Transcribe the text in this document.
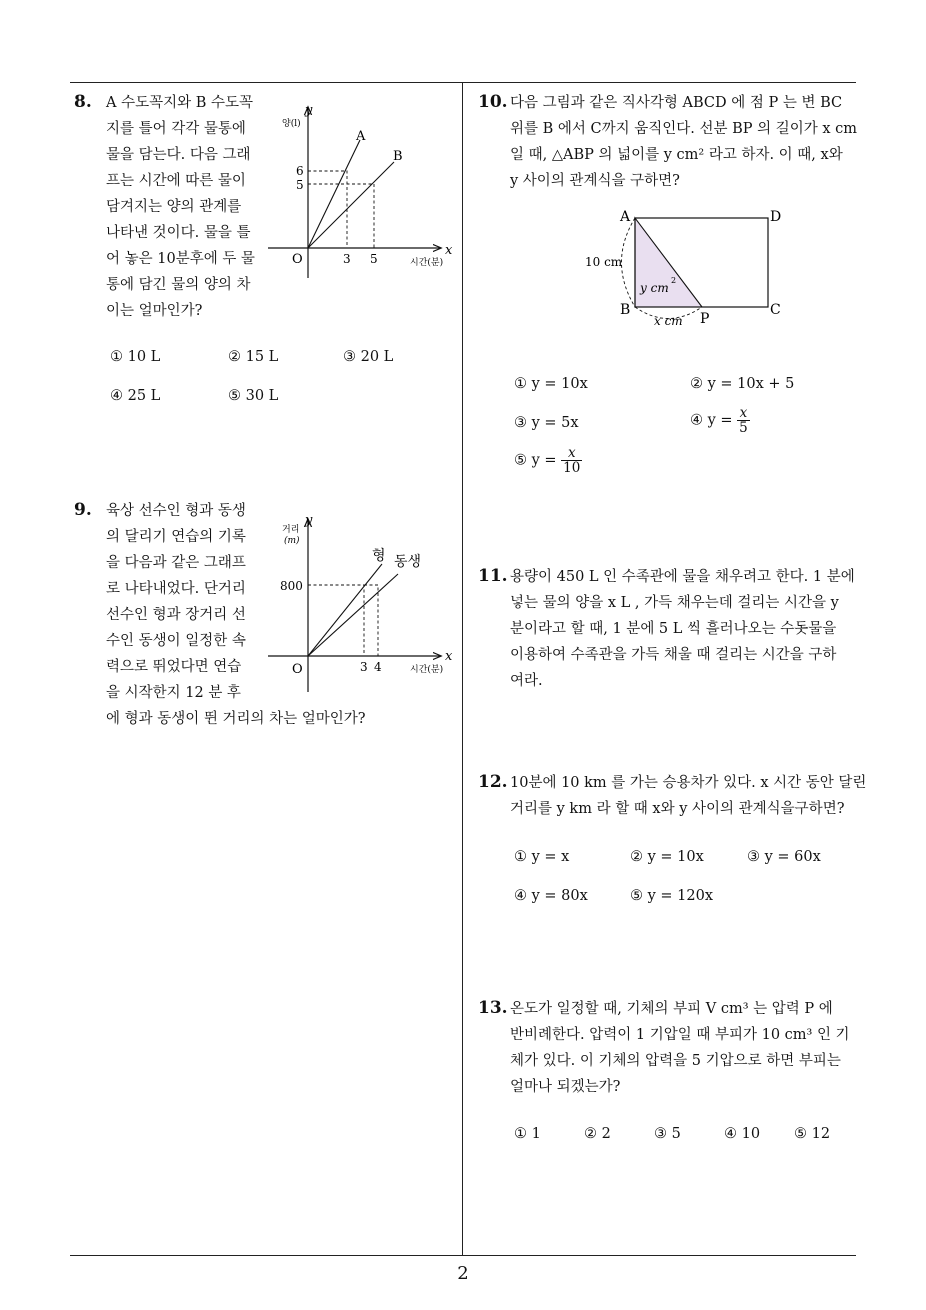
8. A 수도꼭지와 B 수도꼭

지를 틀어 각각 물통에

물을 담는다. 다음 그래

프는 시간에 따른 물이

담겨지는 양의 관계를

나타낸 것이다. 물을 틀

어 놓은 10분후에 두 물

통에 담긴 물의 양의 차

이는 얼마인가?

y
양(l)
x
시간(분)
O
A
B
6
5
3 5
① 10 L	② 15 L	③ 20 L
④ 25 L	⑤ 30 L
9. 육상 선수인 형과 동생

의 달리기 연습의 기록

을 다음과 같은 그래프

로 나타내었다. 단거리

선수인 형과 장거리 선

수인 동생이 일정한 속

력으로 뛰었다면 연습

을 시작한지 12 분 후

에 형과 동생이 뛴 거리의 차는 얼마인가?

y
거리
(m)
x
시간(분)
O
형 동생
800
3 4
10. 다음 그림과 같은 직사각형 ABCD 에 점 P 는 변 BC

위를 B 에서 C까지 움직인다. 선분 BP 의 길이가 x cm

일 때, △ABP 의 넓이를 y cm² 라고 하자. 이 때, x와

y 사이의 관계식을 구하면?

A
B	C
D
P
10 cm
y cm
2
x cm
① y = 10x	② y = 10x + 5
③ y = 5x	④ $y = \frac{x}{5}$
⑤ $y = \frac{x}{10}$
11. 용량이 450 L 인 수족관에 물을 채우려고 한다. 1 분에

넣는 물의 양을 x L , 가득 채우는데 걸리는 시간을 y

분이라고 할 때, 1 분에 5 L 씩 흘러나오는 수돗물을

이용하여 수족관을 가득 채울 때 걸리는 시간을 구하

여라.

12. 10분에 10 km 를 가는 승용차가 있다. x 시간 동안 달린

거리를 y km 라 할 때 x와 y 사이의 관계식을구하면?

① y = x	② y = 10x	③ y = 60x
④ y = 80x	⑤ y = 120x
13. 온도가 일정할 때, 기체의 부피 V cm³ 는 압력 P 에

반비례한다. 압력이 1 기압일 때 부피가 10 cm³ 인 기

체가 있다. 이 기체의 압력을 5 기압으로 하면 부피는

얼마나 되겠는가?

① 1	② 2	③ 5	④ 10 ⑤ 12
2
